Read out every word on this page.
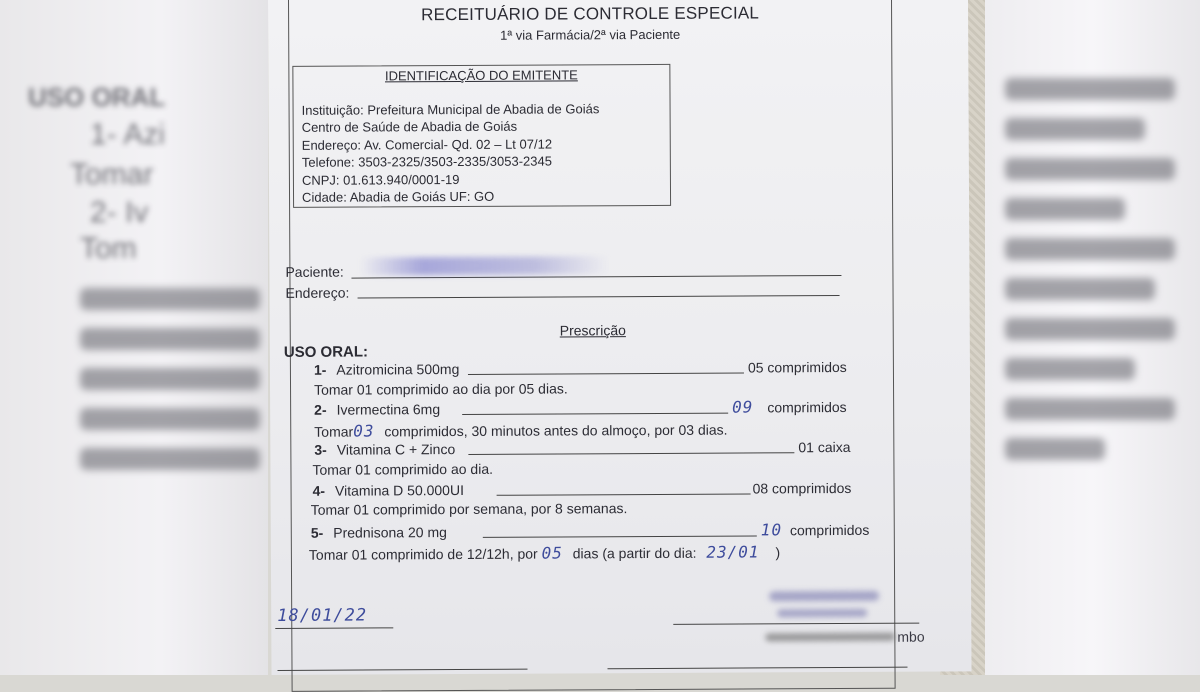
USO ORAL
1- Azi
Tomar
2- Iv
Tom
RECEITUÁRIO DE CONTROLE ESPECIAL
1ª via Farmácia/2ª via Paciente
IDENTIFICAÇÃO DO EMITENTE
Instituição: Prefeitura Municipal de Abadia de Goiás
Centro de Saúde de Abadia de Goiás
Endereço: Av. Comercial- Qd. 02 – Lt 07/12
Telefone: 3503-2325/3503-2335/3053-2345
CNPJ: 01.613.940/0001-19
Cidade: Abadia de Goiás UF: GO
Paciente:
Endereço:
Prescrição
USO ORAL:
1- Azitromicina 500mg	05 comprimidos
Tomar 01 comprimido ao dia por 05 dias.
2- Ivermectina 6mg	09 comprimidos
Tomar03 comprimidos, 30 minutos antes do almoço, por 03 dias.
3- Vitamina C + Zinco	01 caixa
Tomar 01 comprimido ao dia.
4- Vitamina D 50.000UI	08 comprimidos
Tomar 01 comprimido por semana, por 8 semanas.
5- Prednisona 20 mg	10 comprimidos
Tomar 01 comprimido de 12/12h, por 05 dias (a partir do dia: 23/01 )
18/01/22
mbo
